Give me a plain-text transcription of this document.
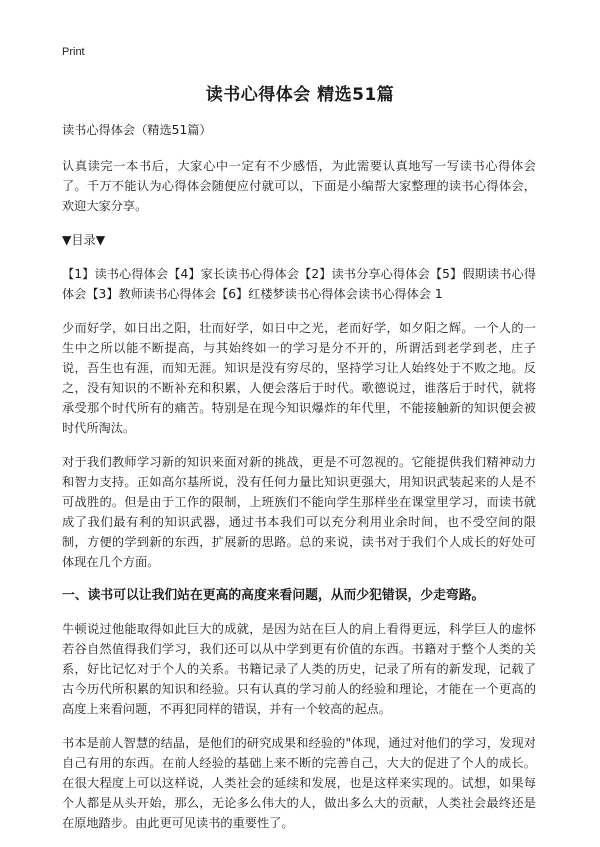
Print
读书心得体会 精选51篇

读书心得体会（精选51篇）

认真读完一本书后，大家心中一定有不少感悟，为此需要认真地写一写读书心得体会了。千万不能认为心得体会随便应付就可以，下面是小编帮大家整理的读书心得体会，欢迎大家分享。

▼目录▼

【1】读书心得体会【4】家长读书心得体会【2】读书分享心得体会【5】假期读书心得体会【3】教师读书心得体会【6】红楼梦读书心得体会读书心得体会 1

少而好学，如日出之阳，壮而好学，如日中之光，老而好学，如夕阳之辉。一个人的一生中之所以能不断提高，与其始终如一的学习是分不开的，所谓活到老学到老，庄子说，吾生也有涯，而知无涯。知识是没有穷尽的，坚持学习让人始终处于不败之地。反之，没有知识的不断补充和积累，人便会落后于时代。歌德说过，谁落后于时代，就将承受那个时代所有的痛苦。特别是在现今知识爆炸的年代里，不能接触新的知识便会被时代所淘汰。

对于我们教师学习新的知识来面对新的挑战，更是不可忽视的。它能提供我们精神动力和智力支持。正如高尔基所说，没有任何力量比知识更强大，用知识武装起来的人是不可战胜的。但是由于工作的限制，上班族们不能向学生那样坐在课堂里学习，而读书就成了我们最有利的知识武器，通过书本我们可以充分利用业余时间，也不受空间的限制，方便的学到新的东西，扩展新的思路。总的来说，读书对于我们个人成长的好处可体现在几个方面。

一、读书可以让我们站在更高的高度来看问题，从而少犯错误，少走弯路。

牛顿说过他能取得如此巨大的成就，是因为站在巨人的肩上看得更远，科学巨人的虚怀若谷自然值得我们学习，我们还可以从中学到更有价值的东西。书籍对于整个人类的关系，好比记忆对于个人的关系。书籍记录了人类的历史，记录了所有的新发现，记载了古今历代所积累的知识和经验。只有认真的学习前人的经验和理论，才能在一个更高的高度上来看问题，不再犯同样的错误，并有一个较高的起点。

书本是前人智慧的结晶，是他们的研究成果和经验的"体现，通过对他们的学习，发现对自己有用的东西。在前人经验的基础上来不断的完善自己，大大的促进了个人的成长。在很大程度上可以这样说，人类社会的延续和发展，也是这样来实现的。试想，如果每个人都是从头开始，那么，无论多么伟大的人，做出多么大的贡献，人类社会最终还是在原地踏步。由此更可见读书的重要性了。
